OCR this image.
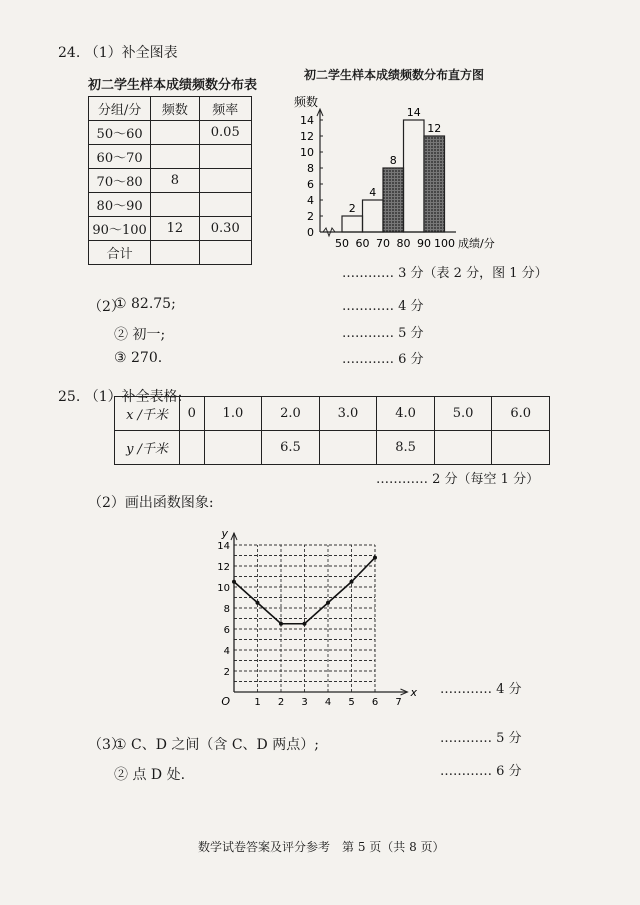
24. （1）补全图表
初二学生样本成绩频数分布表
分组/分	频数	频率
50～60		0.05
60～70		
70～80	8	
80～90		
90～100	12	0.30
合计		
初二学生样本成绩频数分布直方图
频数
0
2
4
6
8
10
12
14
50 60 70 80 90 100 成绩/分
2
4
8
14
12
………… 3 分（表 2 分，图 1 分）
（2）
① 82.75;	………… 4 分
② 初一;	………… 5 分
③ 270.	………… 6 分
25. （1）补全表格:
x /千米	0	1.0	2.0	3.0	4.0	5.0	6.0
y /千米			6.5		8.5		
………… 2 分（每空 1 分）
（2）画出函数图象:
x
y
O 1 2 3 4 5 6 7
2
4
6
8
10
12
14
………… 4 分
（3）
① C、D 之间（含 C、D 两点）;	………… 5 分
② 点 D 处.	………… 6 分
数学试卷答案及评分参考　第 5 页（共 8 页）
